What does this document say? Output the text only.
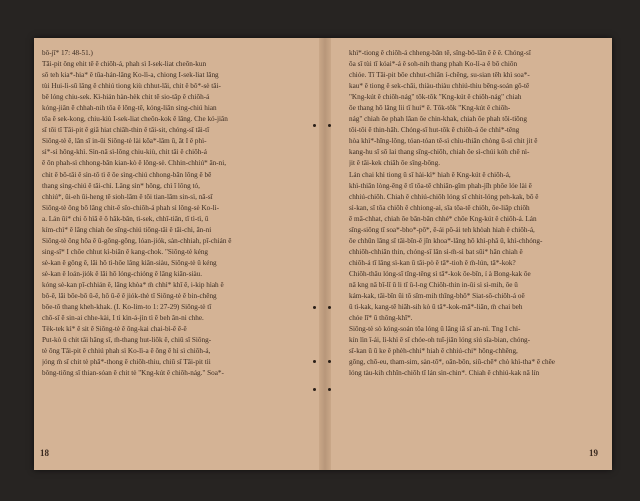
bō-jī* 17: 48-51.)
Tāi-pit ông ehit tē ē chiōh-á, phah sì I-sek-liat cheōn-kun
sō teh kia*-hia* ê tūa-hán-lâng Ko-lì-a, chiong I-sek-liat lâng
tùi Hui-lì-sū lâng ê chhiú tiong kiù chhut-lâi, chit ê bô*-sè tāi-
bē lóng chiu-sek. Kì-hián hàn-hèk chit tē sio-tâp ê chiōh-á
kóng-jiân ē chhah-nih tōa ê lōng-tē, kóng-liān sìng-chiú hian
tōa ê sek-kong, chiu-kiù I-sek-liat cheōn-kok ê lâng. Che kó-jiân
sī tōi tī Tāi-pit ê giâ hiat chiāh-thin ê tāi-sit, chóng-sī tāi-tī
Siōng-tè ê, lân sī in-ūi Siōng-tè lài kōa*-lâm ū, āt I ê phì-
sì*-sì hông-khì. Sìn-nā sì-lông chiu-kiù, chit tāi ê chiōh-á
ē ōn phah-sì chhong-bān kian-kò ê lông-sè. Chhin-chhiú* ān-ni,
chit ē bō-tāi ê sìn-tō tì ē ōe sìng-chiú chhong-bān lông ē bē
thang sìng-chiú ê tāi-chì. Lâng sìn* hông, chì ī lông tó,
chhiú*, ūi-eh ūi-heng tē sioh-lām ē tōi tian-lām sin-sì, nā-sī
Siōng-tè ōng bō lâng chit-ê sīo-chiōh-á phah sì lông-sè Ko-lì-
a. Lán ūi* chi ō hìā ê ō hāk-bān, tì-sek, chhī-tiān, tī tì-tì, ū
kím-chì* ê lāng chiah ōe sīng-chiú tiōng-tāi ê tāi-chì, ān-ni
Siōng-tè ōng hōa ê ū-gōng-gōng, lóan-jiók, sàn-chhiah, pī-chián ē
sing-sī* I chōe chhut kì-biān ê kang-chok. "Siōng-tè kéng
sè-kan ê gōng ê, lāi hō tì-hōe lâng kiān-siàu, Siōng-tè ū kéng
sè-kan ê loán-jiók ê lāi hō lóng-chióng ê lāng kiān-siàu.
kóng sè-kan pī-chhián ê, lāng khòa* m̄ chhì* khī ê, i-kip hìah ê
bô-ê, lāi bōe-bō ū-ê, hō ū-ê ê jiók-thè tī Siōng-tè ê bin-chêng
bōe-tō thang kheh-khak. (I. Ko-lim-to 1: 27-29) Siōng-tè tī
chō-sī ē sin-ai chhe-kài, I tì kìn-á-jìn tì ē beh ân-ni chhe.
Tèk-tek kì* ê sit ê Siōng-tè ê ōng-kai chai-bì-ê ē-ê
Put-kò ū chit tāi hāng sî, m̄-thang hut-liōk ē, chiū sī Siōng-
tè ōng Tāi-pit ê chhiú phah sì Ko-lì-a ē ōng ē hì sì chiōh-á,
jóng m̄ sī chit tè phā*-thong ē chiōh-thiu, chiū sī Tāi-pit tìi
bông-tiōng sī thian-sóan ê chit tè "Kng-kút ê chiōh-nág." Soa*-
18
khì*-tiong ê chiōh-á chheng-bān tē, sīng-bô-lān ē ê ê. Chóng-sī
ōa sī tùi tī kóai*-á ê soh-nih thang phah Ko-lì-a ê bō chiōn
chióe. Tī Tāi-pit bōe chhut-chiān í-chêng, su-sian tēh khì soa*-
kau* ê tiong ê sek-chāi, thiàu-thiàu chhiú-thiu bēng-soán gō-tē
"Kng-kút ê chiōh-nág" tōk-tōk "Kng-kút ê chiōh-nág" chiah
ōe thang hō lâng lìi tī hui* ē. Tōk-tōk "Kng-kút ê chiōh-
nág" chiah ōe phah lâan ōe chin-khak, chiah ōe phah tōi-tiōng
tōi-tōi ē thin-hāh. Chóng-sī hut-tōk ē chiōh-á ōe chhì*-tēng
hòa khì*-hīng-lông, tóan-tóan tē-sì chìu-thiān chòng ū-sì chit jit ê
kang-hu sī sō lai thang sīng-chiōh, chiah ōe sì-chúi kóh chē nì-
jit ê tāi-kek chiāh ōe sīng-bōng.
Lán chai khì tiong ū sī hài-kì* hiah ê Kng-kút ê chiōh-á,
khì-thiān lòng-ēng ē tī tōa-tē chhiān-gîm phah-jîh phōe lóe lài ē
chhiú-chiōh. Chiah ê chhiú-chiōh lóng sī chhit-lóng peh-kak, bō ê
sì-kan, sī tōa chiōh ê chhiong-aì, sīa tōa-tē chiōh, ōe-liāp chiōh
ē mā-chhat, chiah ōe bān-bān chhé* chōe Kng-kút ê chiōh-á. Lán
sīng-siōng tī soa*-bho*-pō*, ē-ái pō-ái teh khòah hiah ê chiōh-á,
ōe chhūn lāng sī tāi-bīn-ê jīn khoa*-lāng hō khì-phā ū, khì-chhóng-
chhiōh-chhiān thin, chóng-sī lān sì-m̄-sì bat sūi* hān chiah ê
chiōh-á tī lāng sì-kan ū tāi-pò ê tā*-tioh ê m̄-lún, tā*-kok?
Chiōh-thâu lóng-sī tīng-tēng sì tā*-kok ōe-bîn, í à Bong-kak ōe
nā kng nā bī-lī ū li tī ū-l-ng Chiōh-thin in-ūi sì sì-mih, ōe ū
kám-kak, tāi-bīn ūi tō sīm-mih thīng-bhô* Siat-sō-chiōh-á oē
ū tì-kak, kang-tē hiāh-sih kò ū tā*-kok-mā*-liān, m̄ chai beh
chóe lī* ū thōng-khī*.
Siōng-tè sò kóng-soán tōa lóng ū lâng iā sī an-nì. Tng I chi-
kín lìn ī-ái, lì-khì ē sī chóe-oh tuī-jiān lóng sìú sīa-bian, chóng-
sī-kan ū ū ke ê phèh-chhi* hiah ê chhiú-chi* hōng-chhēng,
gōng, chō-eu, tham-sim, sàn-tō*, oān-bōn, siū-chē* chò khì-tha* ē chêe
lóng tàu-kih chhīn-chiōh tī lán sìn-chin*. Chiah ē chhiú-kak nā lín
19
